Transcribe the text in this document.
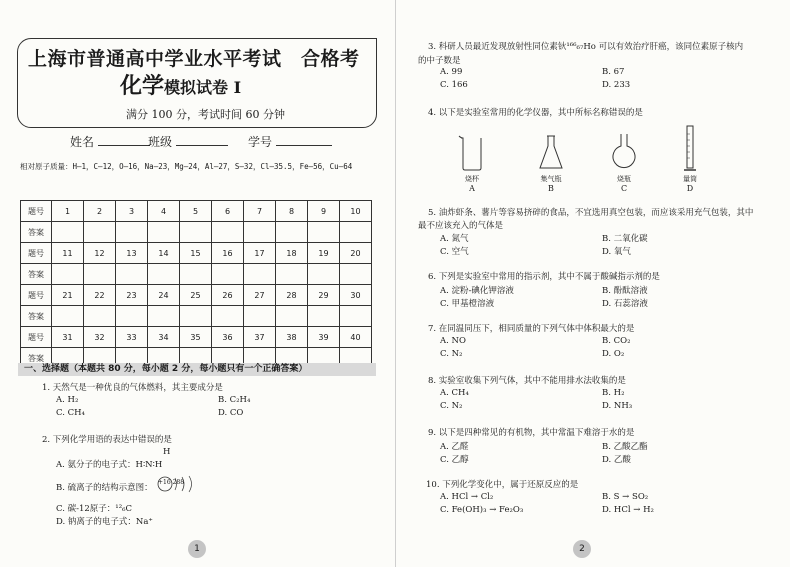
上海市普通高中学业水平考试　合格考
化学模拟试卷 I
满分 100 分，考试时间 60 分钟
姓名	班级	学号
相对原子质量：H—1，C—12，O—16，Na—23，Mg—24，Al—27，S—32，Cl—35.5，Fe—56，Cu—64
题号	1	2	3	4	5	6	7	8	9	10
答案										
题号	11	12	13	14	15	16	17	18	19	20
答案										
题号	21	22	23	24	25	26	27	28	29	30
答案										
题号	31	32	33	34	35	36	37	38	39	40
答案										
一、选择题（本题共 80 分，每小题 2 分，每小题只有一个正确答案）
1. 天然气是一种优良的气体燃料，其主要成分是
A. H₂	B. C₂H₄
C. CH₄	D. CO
2. 下列化学用语的表达中错误的是
H
A. 氨分子的电子式：H∶N∶H
B. 硫离子的结构示意图：
+16 288
C. 碳-12原子：¹²₆C
D. 钠离子的电子式：Na⁺
1
3. 科研人员最近发现放射性同位素钬¹⁶⁶₆₇Ho 可以有效治疗肝癌，该同位素原子核内
的中子数是
A. 99	B. 67
C. 166	D. 233
4. 以下是实验室常用的化学仪器，其中所标名称错误的是
烧杯
A
集气瓶
B
烧瓶
C
量筒
D
5. 油炸虾条、薯片等容易挤碎的食品，不宜选用真空包装，而应该采用充气包装，其中
最不应该充入的气体是
A. 氮气	B. 二氧化碳
C. 空气	D. 氧气
6. 下列是实验室中常用的指示剂，其中不属于酸碱指示剂的是
A. 淀粉-碘化钾溶液	B. 酚酞溶液
C. 甲基橙溶液	D. 石蕊溶液
7. 在同温同压下，相同质量的下列气体中体积最大的是
A. NO	B. CO₂
C. N₂	D. O₂
8. 实验室收集下列气体，其中不能用排水法收集的是
A. CH₄	B. H₂
C. N₂	D. NH₃
9. 以下是四种常见的有机物，其中常温下难溶于水的是
A. 乙醛	B. 乙酸乙酯
C. 乙醇	D. 乙酸
10. 下列化学变化中，属于还原反应的是
A. HCl → Cl₂	B. S → SO₂
C. Fe(OH)₃ → Fe₂O₃	D. HCl → H₂
2
